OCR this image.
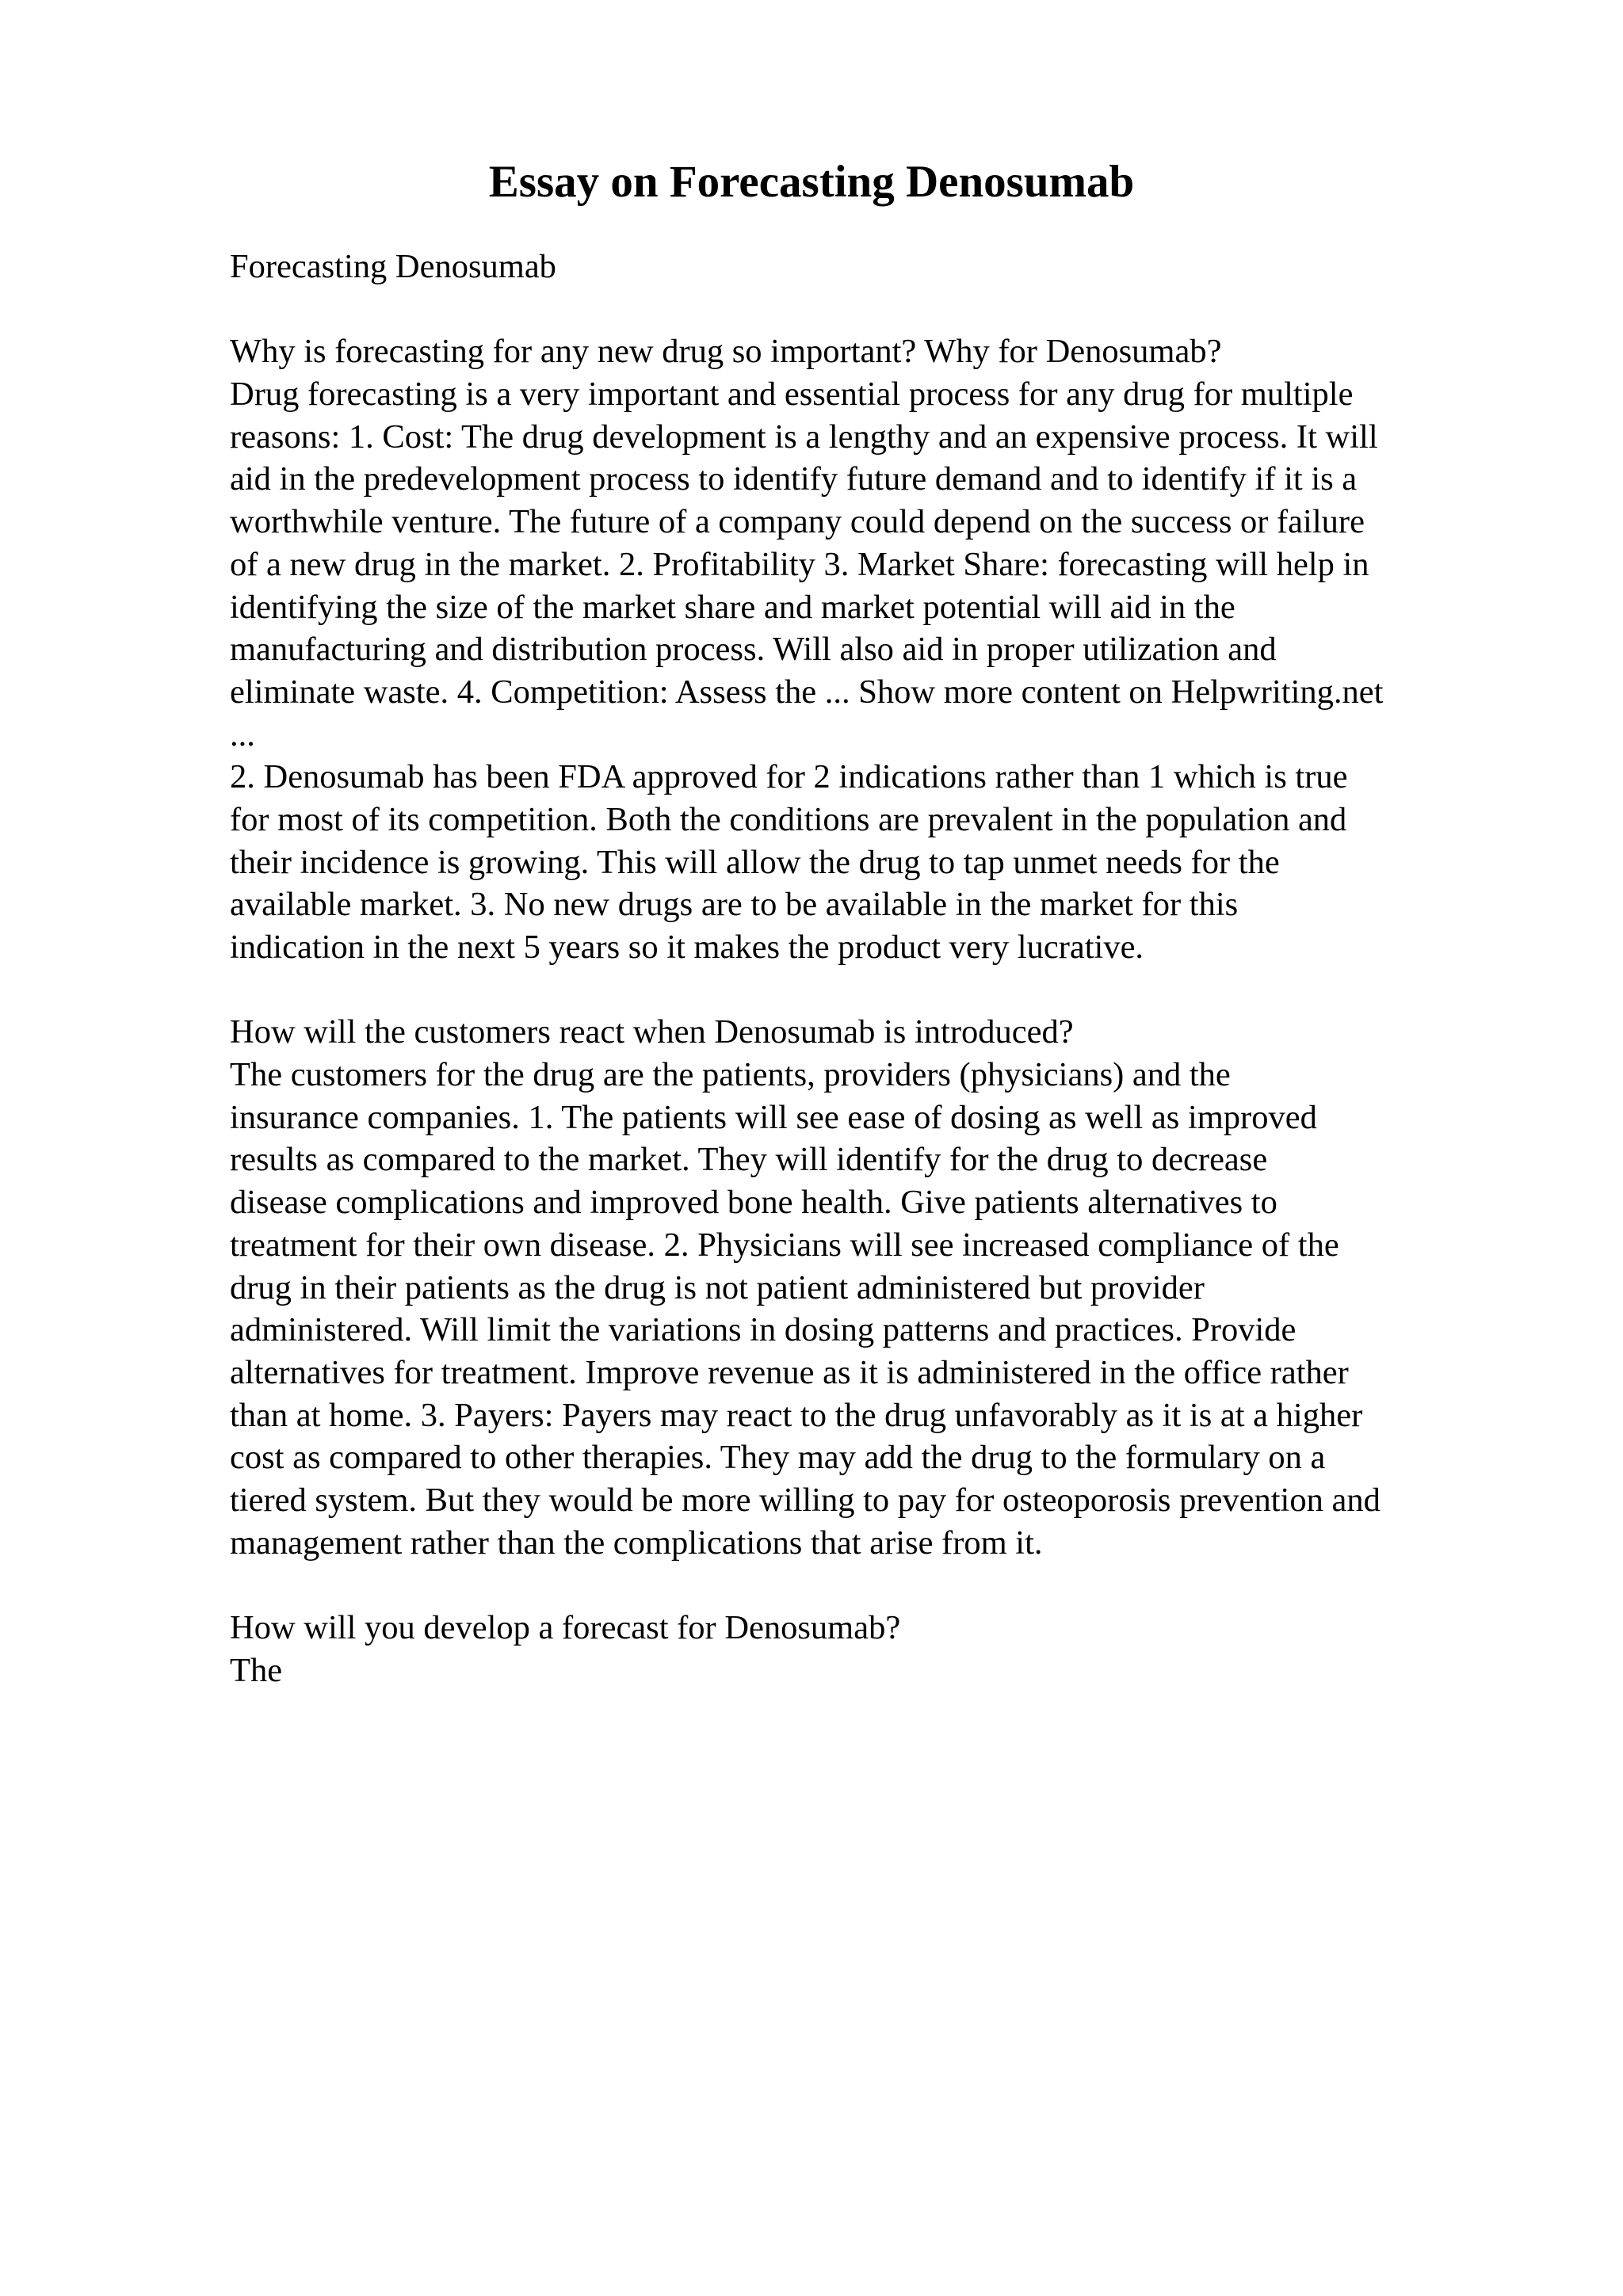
Essay on Forecasting Denosumab
Forecasting Denosumab
Why is forecasting for any new drug so important? Why for Denosumab?
Drug forecasting is a very important and essential process for any drug for multiple
reasons: 1. Cost: The drug development is a lengthy and an expensive process. It will
aid in the predevelopment process to identify future demand and to identify if it is a
worthwhile venture. The future of a company could depend on the success or failure
of a new drug in the market. 2. Profitability 3. Market Share: forecasting will help in
identifying the size of the market share and market potential will aid in the
manufacturing and distribution process. Will also aid in proper utilization and
eliminate waste. 4. Competition: Assess the ... Show more content on Helpwriting.net
...
2. Denosumab has been FDA approved for 2 indications rather than 1 which is true
for most of its competition. Both the conditions are prevalent in the population and
their incidence is growing. This will allow the drug to tap unmet needs for the
available market. 3. No new drugs are to be available in the market for this
indication in the next 5 years so it makes the product very lucrative.
How will the customers react when Denosumab is introduced?
The customers for the drug are the patients, providers (physicians) and the
insurance companies. 1. The patients will see ease of dosing as well as improved
results as compared to the market. They will identify for the drug to decrease
disease complications and improved bone health. Give patients alternatives to
treatment for their own disease. 2. Physicians will see increased compliance of the
drug in their patients as the drug is not patient administered but provider
administered. Will limit the variations in dosing patterns and practices. Provide
alternatives for treatment. Improve revenue as it is administered in the office rather
than at home. 3. Payers: Payers may react to the drug unfavorably as it is at a higher
cost as compared to other therapies. They may add the drug to the formulary on a
tiered system. But they would be more willing to pay for osteoporosis prevention and
management rather than the complications that arise from it.
How will you develop a forecast for Denosumab?
The
